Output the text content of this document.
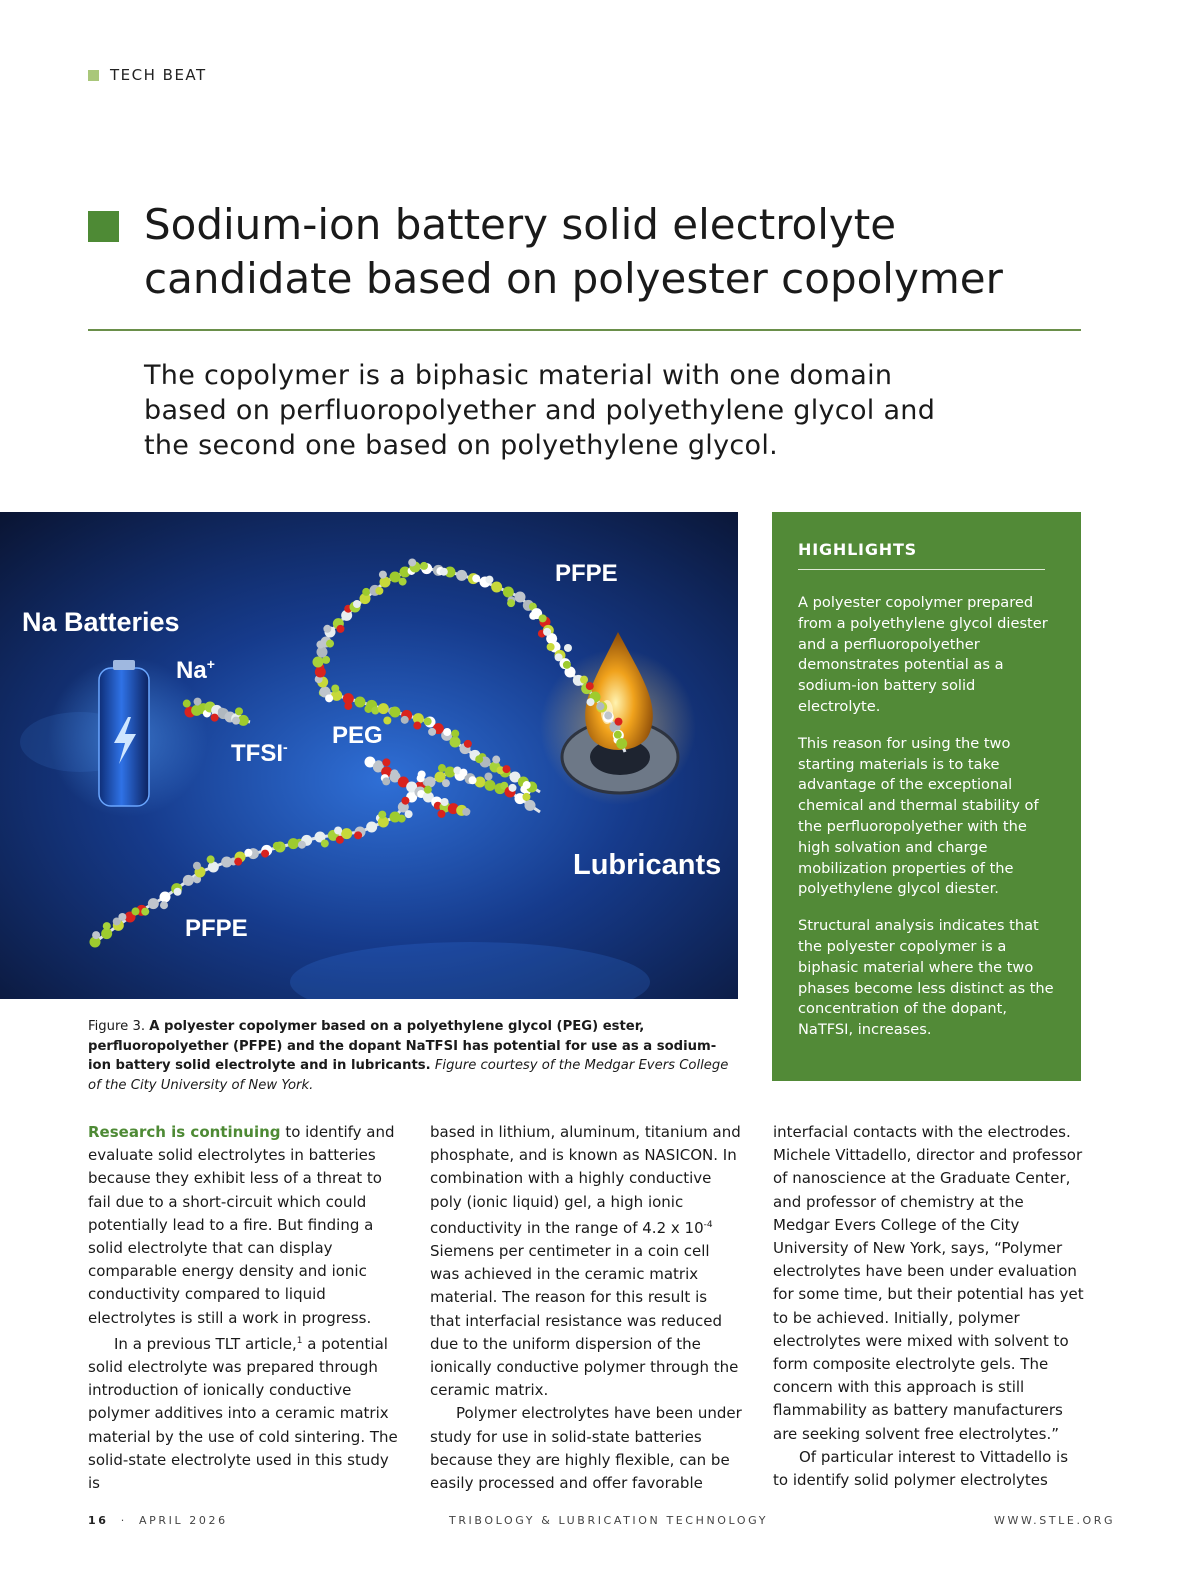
TECH BEAT
Sodium-ion battery solid electrolyte candidate based on polyester copolymer

The copolymer is a biphasic material with one domain based on perfluoropolyether and polyethylene glycol and the second one based on polyethylene glycol.

Na Batteries
Na+
TFSI- PEG
PFPE
PFPE
Lubricants

Figure 3. A polyester copolymer based on a polyethylene glycol (PEG) ester, perfluoropolyether (PFPE) and the dopant NaTFSI has potential for use as a sodium-ion battery solid electrolyte and in lubricants. Figure courtesy of the Medgar Evers College of the City University of New York.

HIGHLIGHTS

A polyester copolymer prepared from a polyethylene glycol diester and a perfluoropolyether demonstrates potential as a sodium-ion battery solid electrolyte.

This reason for using the two starting materials is to take advantage of the exceptional chemical and thermal stability of the perfluoropolyether with the high solvation and charge mobilization properties of the polyethylene glycol diester.

Structural analysis indicates that the polyester copolymer is a biphasic material where the two phases become less distinct as the concentration of the dopant, NaTFSI, increases.

Research is continuing to identify and evaluate solid electrolytes in batteries because they exhibit less of a threat to fail due to a short-circuit which could potentially lead to a fire. But finding a solid electrolyte that can display comparable energy density and ionic conductivity compared to liquid electrolytes is still a work in progress.

In a previous TLT article,$^1$ a potential solid electrolyte was prepared through introduction of ionically conductive polymer additives into a ceramic matrix material by the use of cold sintering. The solid-state electrolyte used in this study is

based in lithium, aluminum, titanium and phosphate, and is known as NASICON. In combination with a highly conductive poly (ionic liquid) gel, a high ionic conductivity in the range of 4.2 x $10^{-4}$ Siemens per centimeter in a coin cell was achieved in the ceramic matrix material. The reason for this result is that interfacial resistance was reduced due to the uniform dispersion of the ionically conductive polymer through the ceramic matrix.

Polymer electrolytes have been under study for use in solid-state batteries because they are highly flexible, can be easily processed and offer favorable

interfacial contacts with the electrodes. Michele Vittadello, director and professor of nanoscience at the Graduate Center, and professor of chemistry at the Medgar Evers College of the City University of New York, says, “Polymer electrolytes have been under evaluation for some time, but their potential has yet to be achieved. Initially, polymer electrolytes were mixed with solvent to form composite electrolyte gels. The concern with this approach is still flammability as battery manufacturers are seeking solvent free electrolytes.”

Of particular interest to Vittadello is to identify solid polymer electrolytes

16 · APRIL 2026	TRIBOLOGY & LUBRICATION TECHNOLOGY	WWW.STLE.ORG
